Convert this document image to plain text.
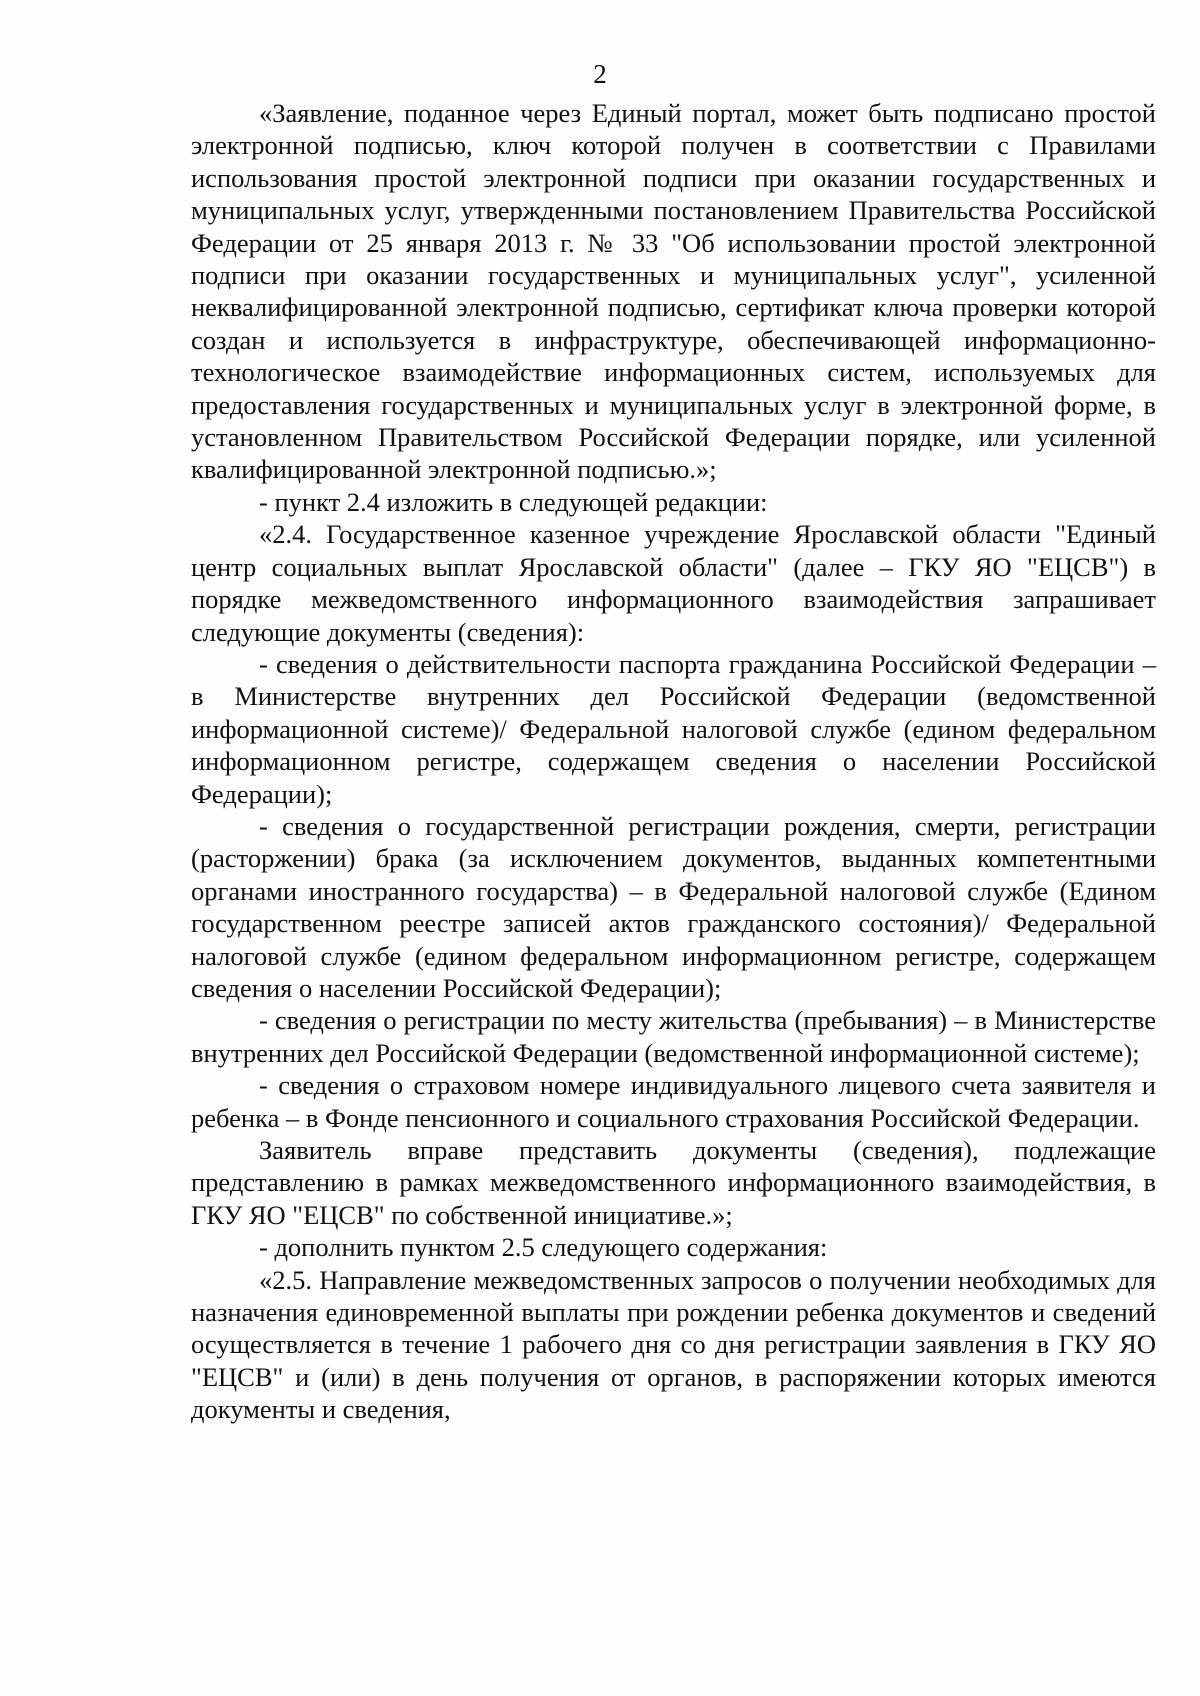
2

«Заявление, поданное через Единый портал, может быть подписано простой электронной подписью, ключ которой получен в соответствии с Правилами использования простой электронной подписи при оказании государственных и муниципальных услуг, утвержденными постановлением Правительства Российской Федерации от 25 января 2013 г. № 33 "Об использовании простой электронной подписи при оказании государственных и муниципальных услуг", усиленной неквалифицированной электронной подписью, сертификат ключа проверки которой создан и используется в инфраструктуре, обеспечивающей информационно-технологическое взаимодействие информационных систем, используемых для предоставления государственных и муниципальных услуг в электронной форме, в установленном Правительством Российской Федерации порядке, или усиленной квалифицированной электронной подписью.»;

- пункт 2.4 изложить в следующей редакции:

«2.4. Государственное казенное учреждение Ярославской области "Единый центр социальных выплат Ярославской области" (далее – ГКУ ЯО "ЕЦСВ") в порядке межведомственного информационного взаимодействия запрашивает следующие документы (сведения):

- сведения о действительности паспорта гражданина Российской Федерации – в Министерстве внутренних дел Российской Федерации (ведомственной информационной системе)/ Федеральной налоговой службе (едином федеральном информационном регистре, содержащем сведения о населении Российской Федерации);

- сведения о государственной регистрации рождения, смерти, регистрации (расторжении) брака (за исключением документов, выданных компетентными органами иностранного государства) – в Федеральной налоговой службе (Едином государственном реестре записей актов гражданского состояния)/ Федеральной налоговой службе (едином федеральном информационном регистре, содержащем сведения о населении Российской Федерации);

- сведения о регистрации по месту жительства (пребывания) – в Министерстве внутренних дел Российской Федерации (ведомственной информационной системе);

- сведения о страховом номере индивидуального лицевого счета заявителя и ребенка – в Фонде пенсионного и социального страхования Российской Федерации.

Заявитель вправе представить документы (сведения), подлежащие представлению в рамках межведомственного информационного взаимодействия, в ГКУ ЯО "ЕЦСВ" по собственной инициативе.»;

- дополнить пунктом 2.5 следующего содержания:

«2.5. Направление межведомственных запросов о получении необходимых для назначения единовременной выплаты при рождении ребенка документов и сведений осуществляется в течение 1 рабочего дня со дня регистрации заявления в ГКУ ЯО "ЕЦСВ" и (или) в день получения от органов, в распоряжении которых имеются документы и сведения,
